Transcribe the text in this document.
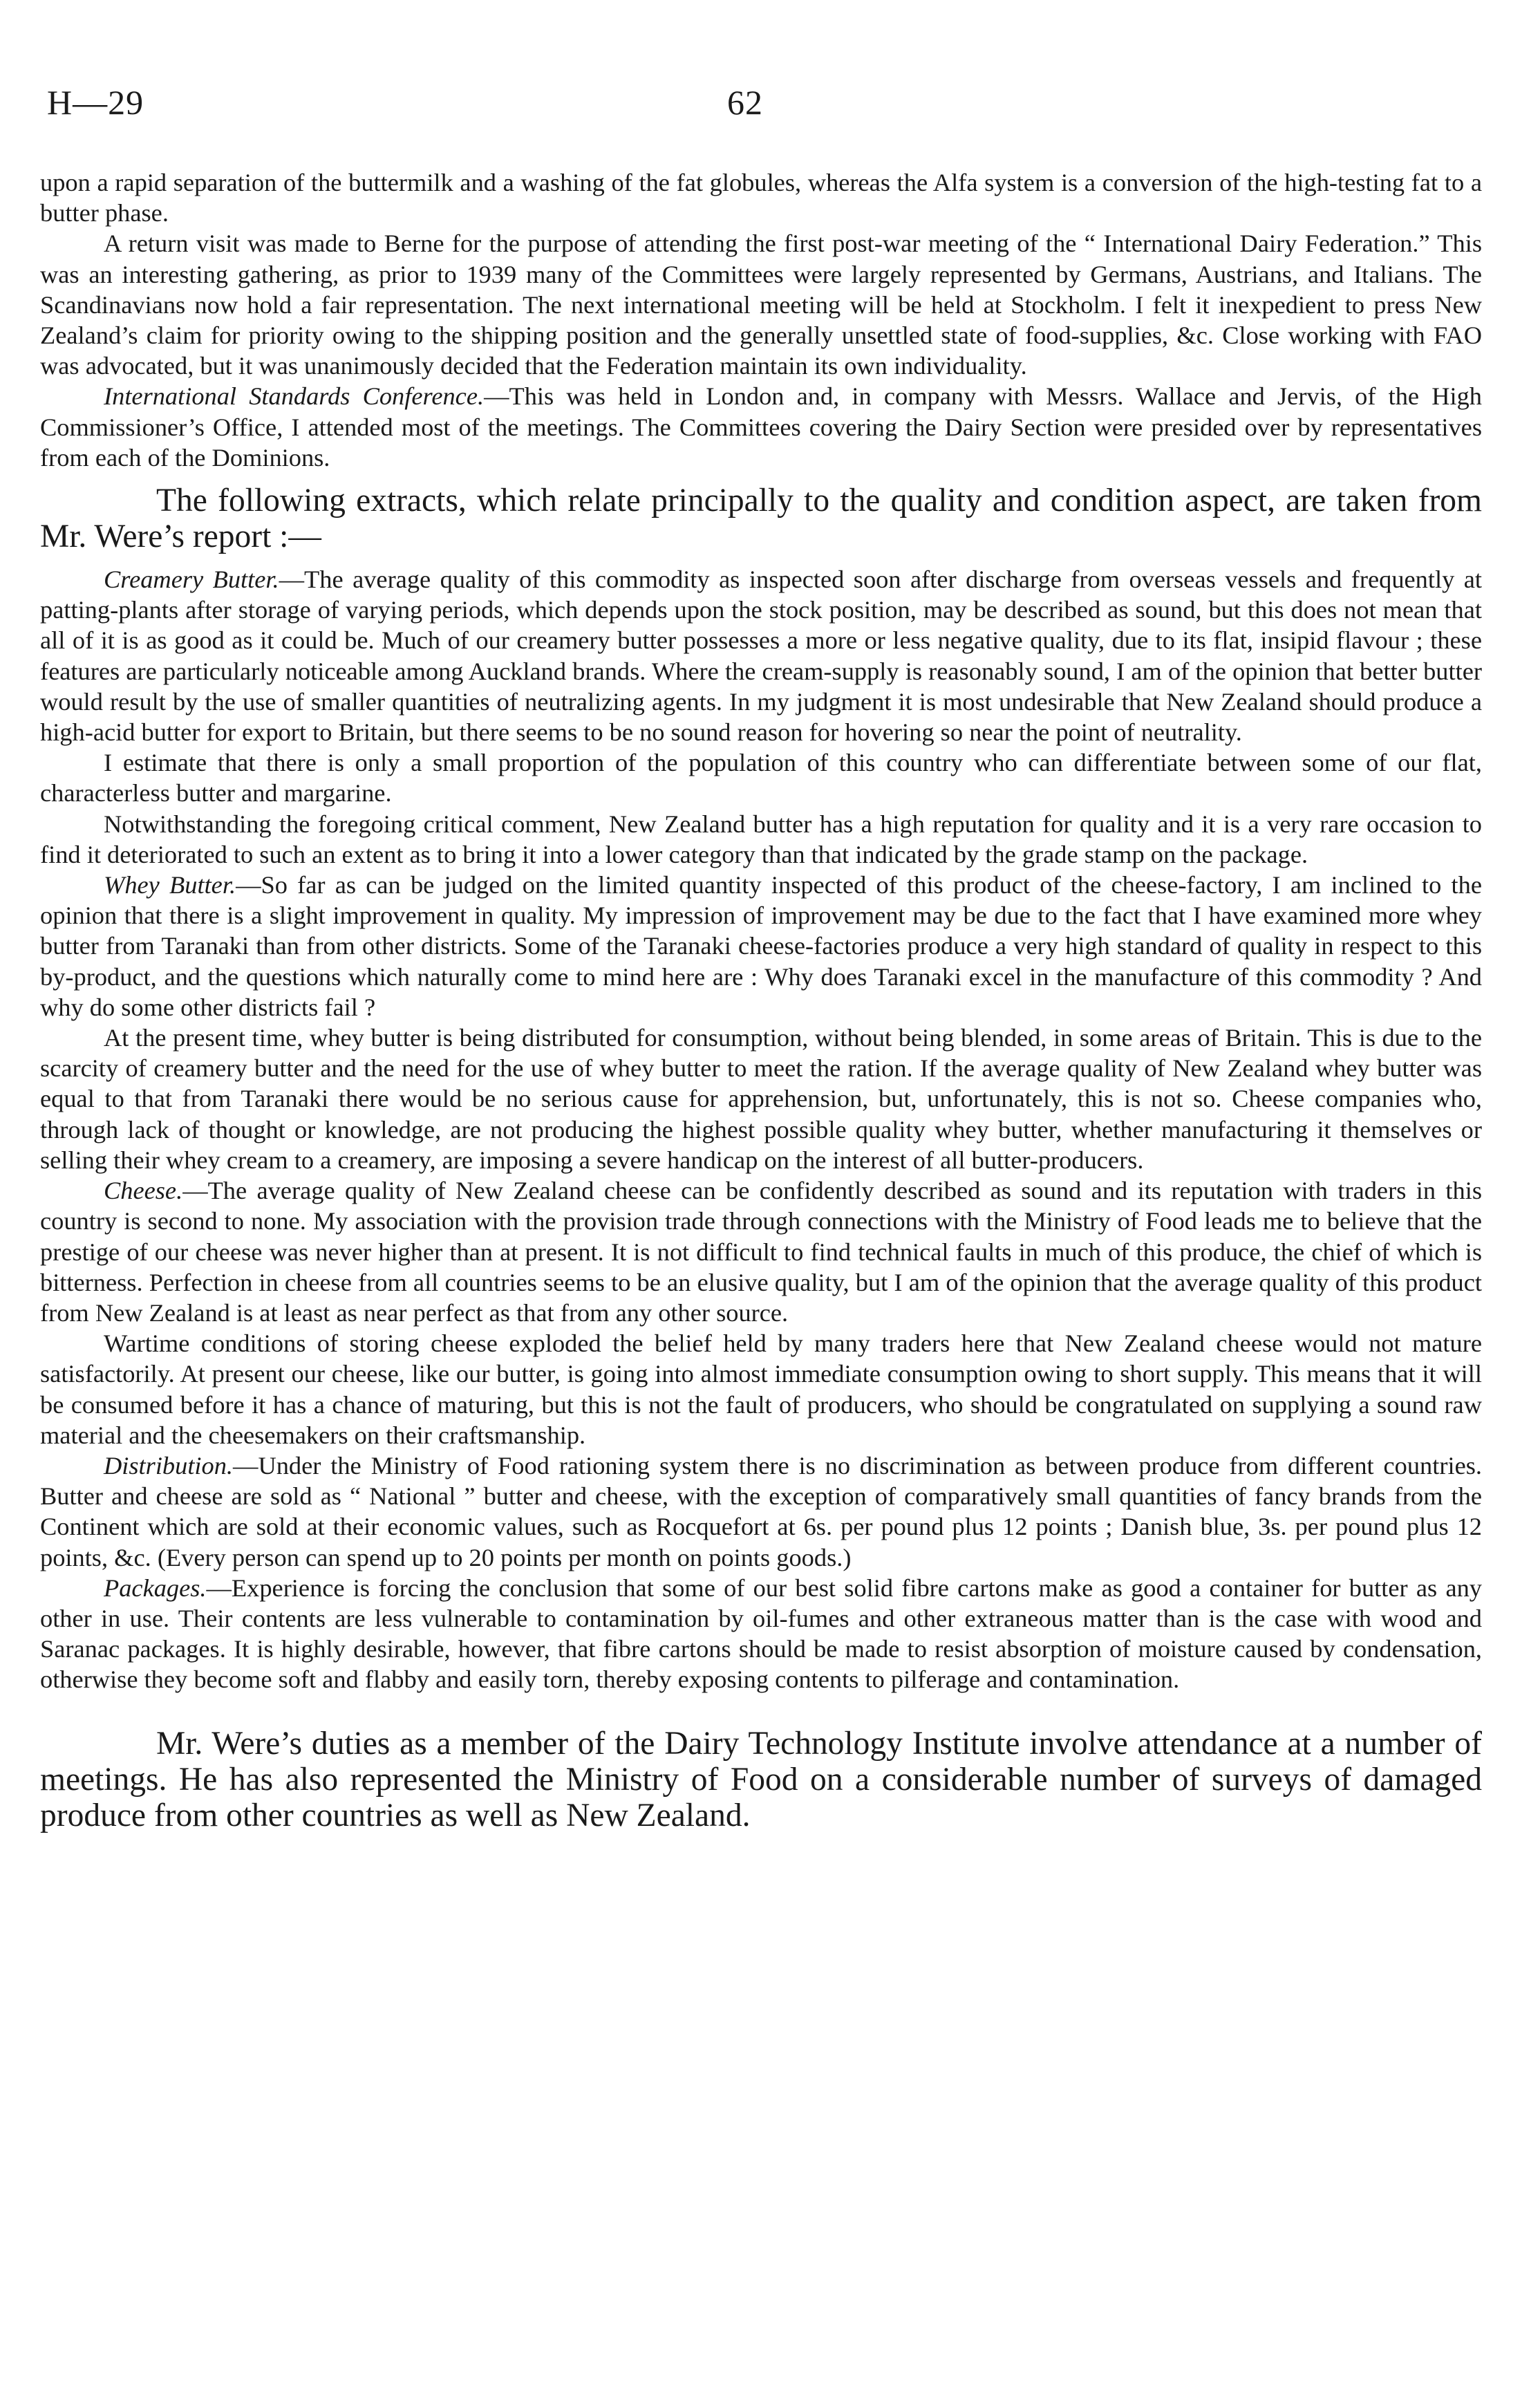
H—29	62

upon a rapid separation of the buttermilk and a washing of the fat globules, whereas the Alfa system is a conversion of the high-testing fat to a butter phase.

A return visit was made to Berne for the purpose of attending the first post-war meeting of the “ International Dairy Federation.” This was an interesting gathering, as prior to 1939 many of the Committees were largely represented by Germans, Austrians, and Italians. The Scandinavians now hold a fair representation. The next international meeting will be held at Stockholm. I felt it inexpedient to press New Zealand’s claim for priority owing to the shipping position and the generally unsettled state of food-supplies, &c. Close working with FAO was advocated, but it was unanimously decided that the Federation maintain its own individuality.

International Standards Conference.—This was held in London and, in company with Messrs. Wallace and Jervis, of the High Commissioner’s Office, I attended most of the meetings. The Committees covering the Dairy Section were presided over by representatives from each of the Dominions.

The following extracts, which relate principally to the quality and condition aspect, are taken from Mr. Were’s report :—

Creamery Butter.—The average quality of this commodity as inspected soon after discharge from overseas vessels and frequently at patting-plants after storage of varying periods, which depends upon the stock position, may be described as sound, but this does not mean that all of it is as good as it could be. Much of our creamery butter possesses a more or less negative quality, due to its flat, insipid flavour ; these features are particularly noticeable among Auckland brands. Where the cream-supply is reasonably sound, I am of the opinion that better butter would result by the use of smaller quantities of neutralizing agents. In my judgment it is most undesirable that New Zealand should produce a high-acid butter for export to Britain, but there seems to be no sound reason for hovering so near the point of neutrality.

I estimate that there is only a small proportion of the population of this country who can differentiate between some of our flat, characterless butter and margarine.

Notwithstanding the foregoing critical comment, New Zealand butter has a high reputation for quality and it is a very rare occasion to find it deteriorated to such an extent as to bring it into a lower category than that indicated by the grade stamp on the package.

Whey Butter.—So far as can be judged on the limited quantity inspected of this product of the cheese-factory, I am inclined to the opinion that there is a slight improvement in quality. My impression of improvement may be due to the fact that I have examined more whey butter from Taranaki than from other districts. Some of the Taranaki cheese-factories produce a very high standard of quality in respect to this by-product, and the questions which naturally come to mind here are : Why does Taranaki excel in the manufacture of this commodity ? And why do some other districts fail ?

At the present time, whey butter is being distributed for consumption, without being blended, in some areas of Britain. This is due to the scarcity of creamery butter and the need for the use of whey butter to meet the ration. If the average quality of New Zealand whey butter was equal to that from Taranaki there would be no serious cause for apprehension, but, unfortunately, this is not so. Cheese companies who, through lack of thought or knowledge, are not producing the highest possible quality whey butter, whether manufacturing it themselves or selling their whey cream to a creamery, are imposing a severe handicap on the interest of all butter-producers.

Cheese.—The average quality of New Zealand cheese can be confidently described as sound and its reputation with traders in this country is second to none. My association with the provision trade through connections with the Ministry of Food leads me to believe that the prestige of our cheese was never higher than at present. It is not difficult to find technical faults in much of this produce, the chief of which is bitterness. Perfection in cheese from all countries seems to be an elusive quality, but I am of the opinion that the average quality of this product from New Zealand is at least as near perfect as that from any other source.

Wartime conditions of storing cheese exploded the belief held by many traders here that New Zealand cheese would not mature satisfactorily. At present our cheese, like our butter, is going into almost immediate consumption owing to short supply. This means that it will be consumed before it has a chance of maturing, but this is not the fault of producers, who should be congratulated on supplying a sound raw material and the cheesemakers on their craftsmanship.

Distribution.—Under the Ministry of Food rationing system there is no discrimination as between produce from different countries. Butter and cheese are sold as “ National ” butter and cheese, with the exception of comparatively small quantities of fancy brands from the Continent which are sold at their economic values, such as Rocquefort at 6s. per pound plus 12 points ; Danish blue, 3s. per pound plus 12 points, &c. (Every person can spend up to 20 points per month on points goods.)

Packages.—Experience is forcing the conclusion that some of our best solid fibre cartons make as good a container for butter as any other in use. Their contents are less vulnerable to contamination by oil-fumes and other extraneous matter than is the case with wood and Saranac packages. It is highly desirable, however, that fibre cartons should be made to resist absorption of moisture caused by condensation, otherwise they become soft and flabby and easily torn, thereby exposing contents to pilferage and contamination.

Mr. Were’s duties as a member of the Dairy Technology Institute involve attendance at a number of meetings. He has also represented the Ministry of Food on a considerable number of surveys of damaged produce from other countries as well as New Zealand.
